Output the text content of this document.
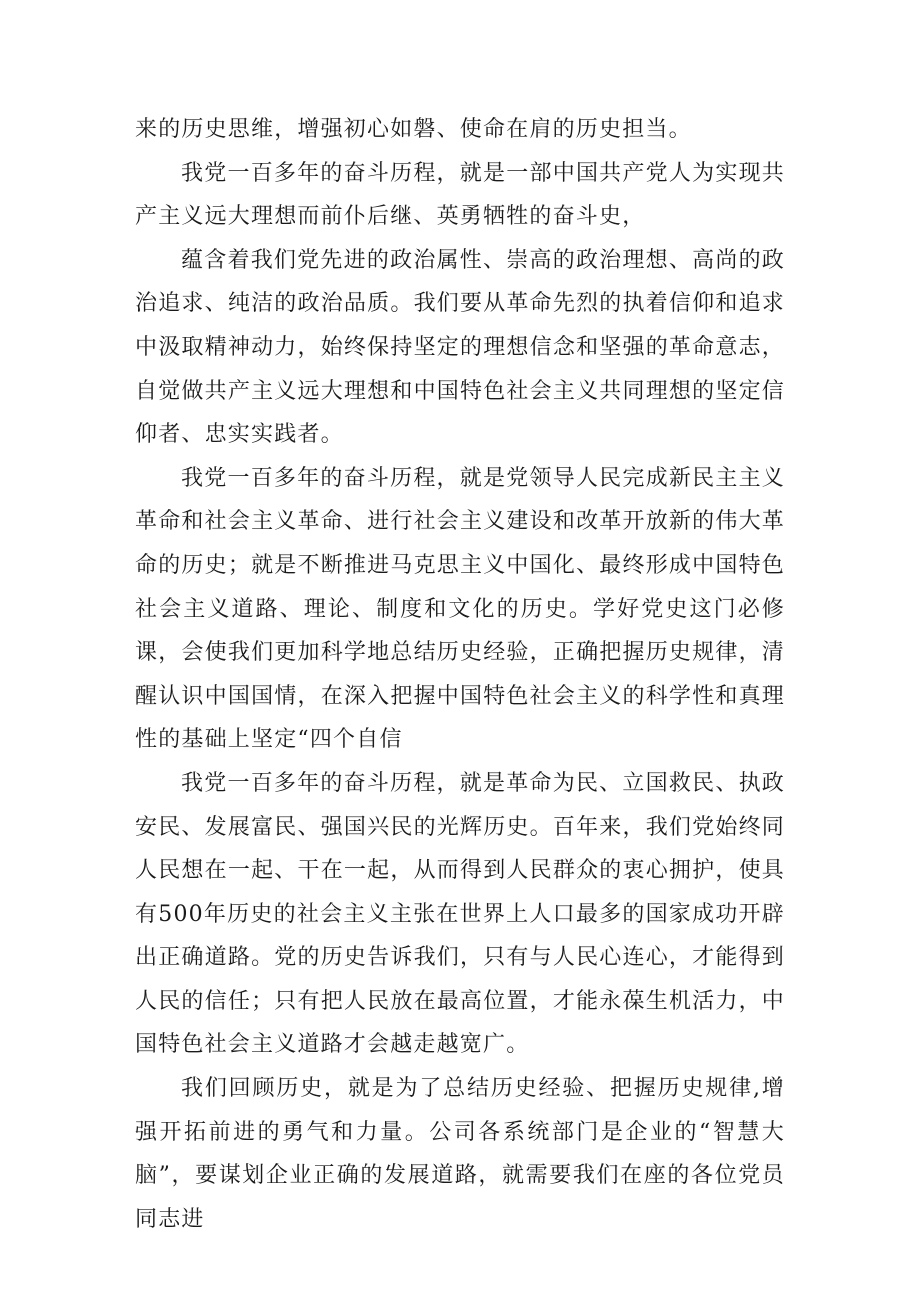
来的历史思维，增强初心如磐、使命在肩的历史担当。

我党一百多年的奋斗历程，就是一部中国共产党人为实现共产主义远大理想而前仆后继、英勇牺牲的奋斗史，

蕴含着我们党先进的政治属性、崇高的政治理想、高尚的政治追求、纯洁的政治品质。我们要从革命先烈的执着信仰和追求中汲取精神动力，始终保持坚定的理想信念和坚强的革命意志，自觉做共产主义远大理想和中国特色社会主义共同理想的坚定信仰者、忠实实践者。

我党一百多年的奋斗历程，就是党领导人民完成新民主主义革命和社会主义革命、进行社会主义建设和改革开放新的伟大革命的历史；就是不断推进马克思主义中国化、最终形成中国特色社会主义道路、理论、制度和文化的历史。学好党史这门必修课，会使我们更加科学地总结历史经验，正确把握历史规律，清醒认识中国国情，在深入把握中国特色社会主义的科学性和真理性的基础上坚定“四个自信

我党一百多年的奋斗历程，就是革命为民、立国救民、执政安民、发展富民、强国兴民的光辉历史。百年来，我们党始终同人民想在一起、干在一起，从而得到人民群众的衷心拥护，使具有500年历史的社会主义主张在世界上人口最多的国家成功开辟出正确道路。党的历史告诉我们，只有与人民心连心，才能得到人民的信任；只有把人民放在最高位置，才能永葆生机活力，中国特色社会主义道路才会越走越宽广。

我们回顾历史，就是为了总结历史经验、把握历史规律,增强开拓前进的勇气和力量。公司各系统部门是企业的“智慧大脑”，要谋划企业正确的发展道路，就需要我们在座的各位党员同志进
